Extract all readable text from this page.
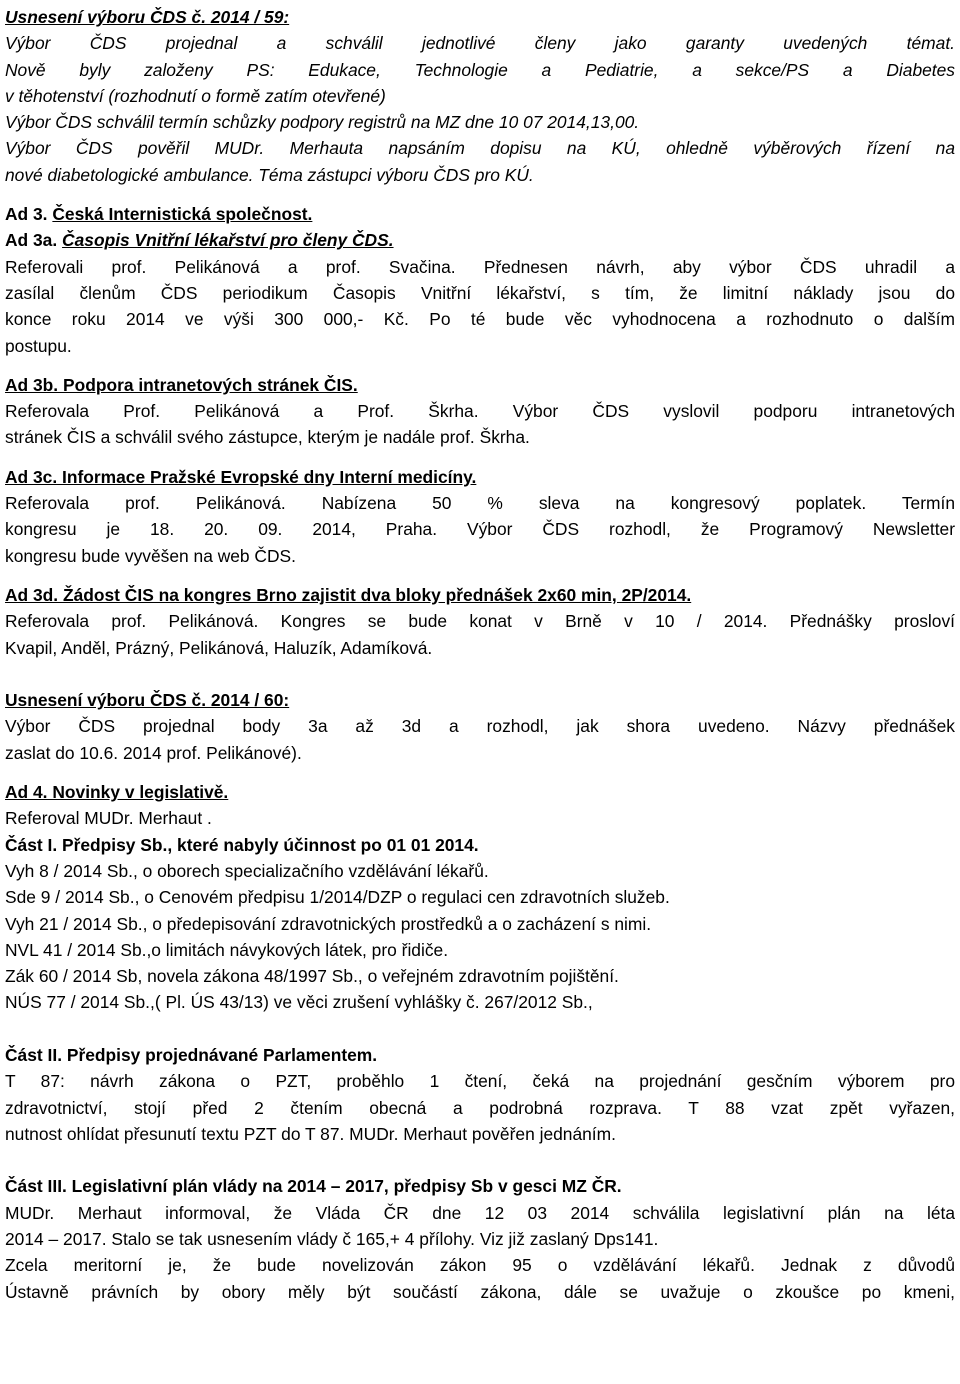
Usnesení výboru ČDS č. 2014 / 59:
Výbor ČDS projednal a schválil jednotlivé členy jako garanty uvedených témat.
Nově byly založeny PS: Edukace, Technologie a Pediatrie, a sekce/PS a Diabetes
v těhotenství (rozhodnutí o formě zatím otevřené)
Výbor ČDS schválil termín schůzky podpory registrů na MZ dne 10 07 2014,13,00.
Výbor ČDS pověřil MUDr. Merhauta napsáním dopisu na KÚ, ohledně výběrových řízení na
nové diabetologické ambulance. Téma zástupci výboru ČDS pro KÚ.
Ad 3. Česká Internistická společnost.
Ad 3a. Časopis Vnitřní lékařství pro členy ČDS.
Referovali prof. Pelikánová a prof. Svačina. Přednesen návrh, aby výbor ČDS uhradil a
zasílal členům ČDS periodikum Časopis Vnitřní lékařství, s tím, že limitní náklady jsou do
konce roku 2014 ve výši 300 000,- Kč. Po té bude věc vyhodnocena a rozhodnuto o dalším
postupu.
Ad 3b. Podpora intranetových stránek ČIS.
Referovala Prof. Pelikánová a Prof. Škrha. Výbor ČDS vyslovil podporu intranetových
stránek ČIS a schválil svého zástupce, kterým je nadále prof. Škrha.
Ad 3c. Informace Pražské Evropské dny Interní medicíny.
Referovala prof. Pelikánová. Nabízena 50 % sleva na kongresový poplatek. Termín
kongresu je 18. 20. 09. 2014, Praha. Výbor ČDS rozhodl, že Programový Newsletter
kongresu bude vyvěšen na web ČDS.
Ad 3d. Žádost ČIS na kongres Brno zajistit dva bloky přednášek 2x60 min, 2P/2014.
Referovala prof. Pelikánová. Kongres se bude konat v Brně v 10 / 2014. Přednášky prosloví
Kvapil, Anděl, Prázný, Pelikánová, Haluzík, Adamíková.
Usnesení výboru ČDS č. 2014 / 60:
Výbor ČDS projednal body 3a až 3d a rozhodl, jak shora uvedeno. Názvy přednášek
zaslat do 10.6. 2014 prof. Pelikánové).
Ad 4. Novinky v legislativě.
Referoval MUDr. Merhaut .
Část I. Předpisy Sb., které nabyly účinnost po 01 01 2014.
Vyh 8 / 2014 Sb., o oborech specializačního vzdělávání lékařů.
Sde 9 / 2014 Sb., o Cenovém předpisu 1/2014/DZP o regulaci cen zdravotních služeb.
Vyh 21 / 2014 Sb., o předepisování zdravotnických prostředků a o zacházení s nimi.
NVL 41 / 2014 Sb.,o limitách návykových látek, pro řidiče.
Zák 60 / 2014 Sb, novela zákona 48/1997 Sb., o veřejném zdravotním pojištění.
NÚS 77 / 2014 Sb.,( Pl. ÚS 43/13) ve věci zrušení vyhlášky č. 267/2012 Sb.,
Část II. Předpisy projednávané Parlamentem.
T 87: návrh zákona o PZT, proběhlo 1 čtení, čeká na projednání gesčním výborem pro
zdravotnictví, stojí před 2 čtením obecná a podrobná rozprava. T 88 vzat zpět vyřazen,
nutnost ohlídat přesunutí textu PZT do T 87. MUDr. Merhaut pověřen jednáním.
Část III. Legislativní plán vlády na 2014 – 2017, předpisy Sb v gesci MZ ČR.
MUDr. Merhaut informoval, že Vláda ČR dne 12 03 2014 schválila legislativní plán na léta
2014 – 2017. Stalo se tak usnesením vlády č 165,+ 4 přílohy. Viz již zaslaný Dps141.
Zcela meritorní je, že bude novelizován zákon 95 o vzdělávání lékařů. Jednak z důvodů
Ústavně právních by obory měly být součástí zákona, dále se uvažuje o zkoušce po kmeni,
